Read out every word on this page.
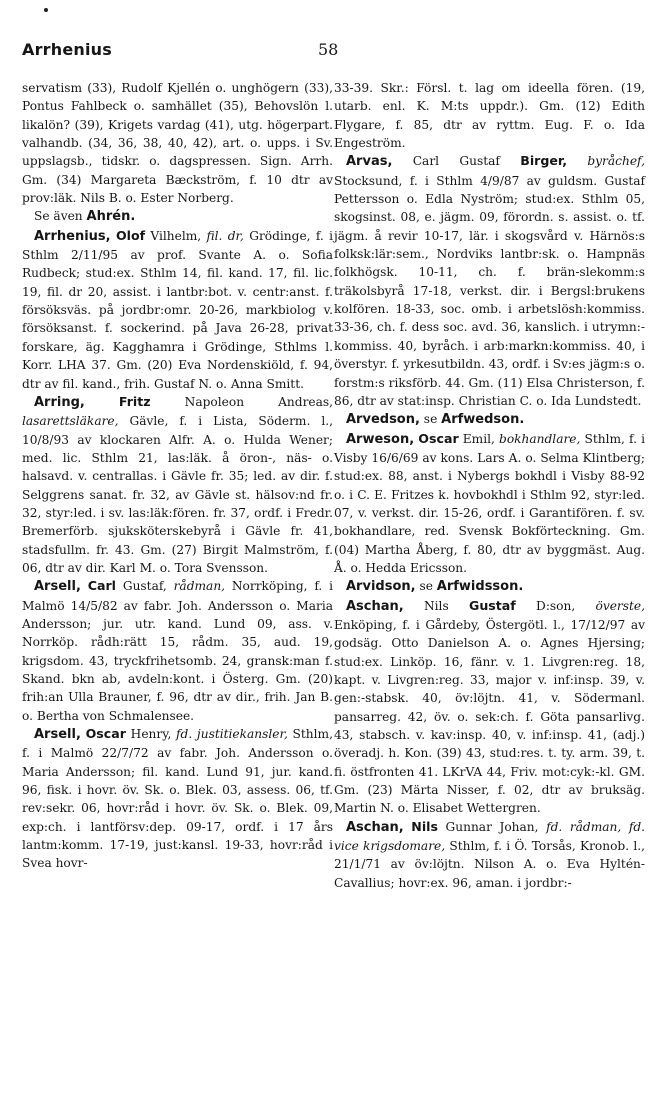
Arrhenius	58

servatism (33), Rudolf Kjellén o. unghögern (33), Pontus Fahlbeck o. samhället (35), Behovslön l. likalön? (39), Krigets vardag (41), utg. högerpart. valhandb. (34, 36, 38, 40, 42), art. o. upps. i Sv. uppslagsb., tidskr. o. dagspressen. Sign. Arrh. Gm. (34) Margareta Bæckström, f. 10 dtr av prov:läk. Nils B. o. Ester Norberg.

Se även Ahrén.

Arrhenius, Olof Vilhelm, fil. dr, Grödinge, f. i Sthlm 2/11/95 av prof. Svante A. o. Sofia Rudbeck; stud:ex. Sthlm 14, fil. kand. 17, fil. lic. 19, fil. dr 20, assist. i lantbr:bot. v. centr:anst. f. försöksväs. på jordbr:omr. 20-26, markbiolog v. försöksanst. f. sockerind. på Java 26-28, privat forskare, äg. Kagghamra i Grödinge, Sthlms l. Korr. LHA 37. Gm. (20) Eva Nordenskiöld, f. 94, dtr av fil. kand., frih. Gustaf N. o. Anna Smitt.

Arring,	Fritz Napoleon Andreas, lasarettsläkare, Gävle, f. i Lista, Söderm. l., 10/8/93 av klockaren Alfr. A. o. Hulda Wener; med. lic. Sthlm 21, las:läk. å öron-, näs- o. halsavd. v. centrallas. i Gävle fr. 35; led. av dir. f. Selggrens sanat. fr. 32, av Gävle st. hälsov:nd fr. 32, styr:led. i sv. las:läk:fören. fr. 37, ordf. i Fredr. Bremerförb. sjuksköterskebyrå i Gävle fr. 41, stadsfullm. fr. 43. Gm. (27) Birgit Malmström, f. 06, dtr av dir. Karl M. o. Tora Svensson.

Arsell, Carl Gustaf, rådman, Norrköping, f. i Malmö 14/5/82 av fabr. Joh. Andersson o. Maria Andersson; jur. utr. kand. Lund 09, ass. v. Norrköp. rådh:rätt 15, rådm. 35, aud. 19, krigsdom. 43, tryckfrihetsomb. 24, gransk:man f. Skand. bkn ab, avdeln:kont. i Österg. Gm. (20) frih:an Ulla Brauner, f. 96, dtr av dir., frih. Jan B. o. Bertha von Schmalensee.

Arsell, Oscar Henry, fd. justitiekansler, Sthlm, f. i Malmö 22/7/72 av fabr. Joh. Andersson o. Maria Andersson; fil. kand. Lund 91, jur. kand. 96, fisk. i hovr. öv. Sk. o. Blek. 03, assess. 06, tf. rev:sekr. 06, hovr:råd i hovr. öv. Sk. o. Blek. 09, exp:ch. i lantförsv:dep. 09-17, ordf. i 17 års lantm:komm. 17-19, just:kansl. 19-33, hovr:råd i Svea hovr-

33-39. Skr.: Försl. t. lag om ideella fören. (19, utarb. enl. K. M:ts uppdr.). Gm. (12) Edith Flygare, f. 85, dtr av ryttm. Eug. F. o. Ida Engeström.

Arvas, Carl Gustaf Birger, byråchef, Stocksund, f. i Sthlm 4/9/87 av guldsm. Gustaf Pettersson o. Edla Nyström; stud:ex. Sthlm 05, skogsinst. 08, e. jägm. 09, förordn. s. assist. o. tf. jägm. å revir 10-17, lär. i skogsvård v. Härnös:s folksk:lär:sem., Nordviks lantbr:sk. o. Hampnäs folkhögsk. 10-11, ch. f. brän-slekomm:s träkolsbyrå 17-18, verkst. dir. i Bergsl:brukens kolfören. 18-33, soc. omb. i arbetslösh:kommiss. 33-36, ch. f. dess soc. avd. 36, kanslich. i utrymn:-kommiss. 40, byråch. i arb:markn:kommiss. 40, i överstyr. f. yrkesutbildn. 43, ordf. i Sv:es jägm:s o. forstm:s riksförb. 44. Gm. (11) Elsa Christerson, f. 86, dtr av stat:insp. Christian C. o. Ida Lundstedt.

Arvedson, se Arfwedson.

Arweson, Oscar Emil, bokhandlare, Sthlm, f. i Visby 16/6/69 av kons. Lars A. o. Selma Klintberg; stud:ex. 88, anst. i Nybergs bokhdl i Visby 88-92 o. i C. E. Fritzes k. hovbokhdl i Sthlm 92, styr:led. 07, v. verkst. dir. 15-26, ordf. i Garantifören. f. sv. bokhandlare, red. Svensk Bokförteckning. Gm. (04) Martha Åberg, f. 80, dtr av byggmäst. Aug. Å. o. Hedda Ericsson.

Arvidson, se Arfwidsson.

Aschan, Nils Gustaf D:son, överste, Enköping, f. i Gårdeby, Östergötl. l., 17/12/97 av godsäg. Otto Danielson A. o. Agnes Hjersing; stud:ex. Linköp. 16, fänr. v. 1. Livgren:reg. 18, kapt. v. Livgren:reg. 33, major v. inf:insp. 39, v. gen:-stabsk. 40, öv:löjtn. 41, v. Södermanl. pansarreg. 42, öv. o. sek:ch. f. Göta pansarlivg. 43, stabsch. v. kav:insp. 40, v. inf:insp. 41, (adj.) överadj. h. Kon. (39) 43, stud:res. t. ty. arm. 39, t. fi. östfronten 41. LKrVA 44, Friv. mot:cyk:-kl. GM. Gm. (23) Märta Nisser, f. 02, dtr av bruksäg. Martin N. o. Elisabet Wettergren.

Aschan, Nils Gunnar Johan, fd. rådman, fd. vice krigsdomare, Sthlm, f. i Ö. Torsås, Kronob. l., 21/1/71 av öv:löjtn. Nilson A. o. Eva Hyltén-Cavallius; hovr:ex. 96, aman. i jordbr:-
